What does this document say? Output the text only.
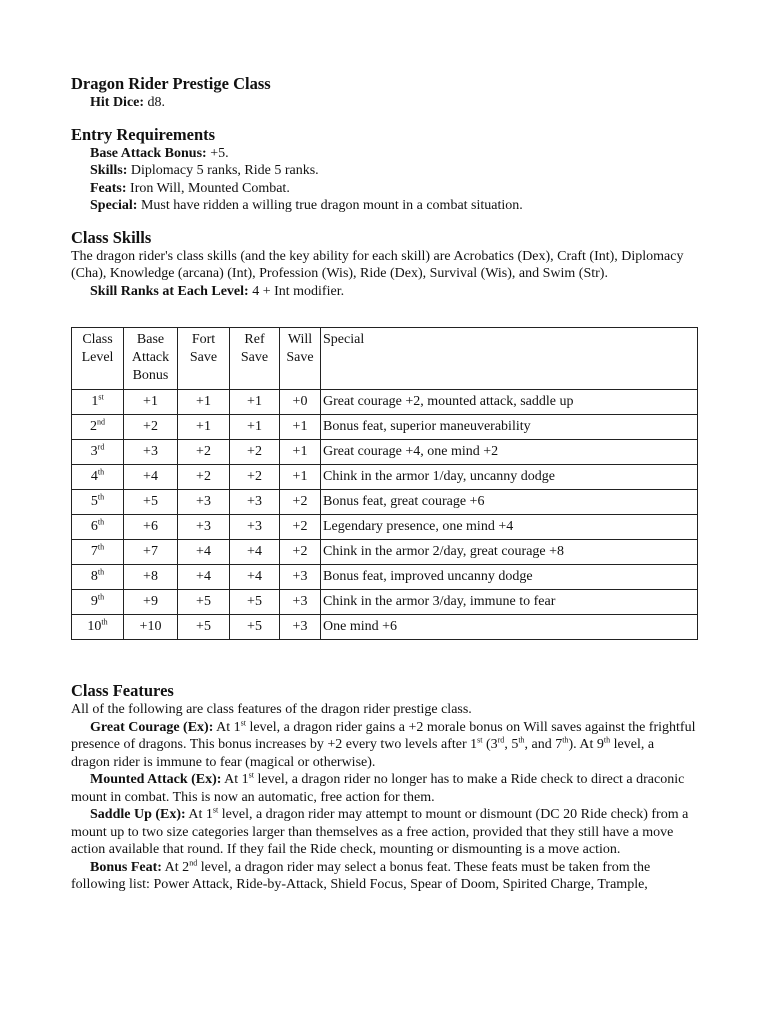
Dragon Rider Prestige Class

Hit Dice: d8.

Entry Requirements

Base Attack Bonus: +5.

Skills: Diplomacy 5 ranks, Ride 5 ranks.

Feats: Iron Will, Mounted Combat.

Special: Must have ridden a willing true dragon mount in a combat situation.

Class Skills

The dragon rider's class skills (and the key ability for each skill) are Acrobatics (Dex), Craft (Int), Diplomacy (Cha), Knowledge (arcana) (Int), Profession (Wis), Ride (Dex), Survival (Wis), and Swim (Str).

Skill Ranks at Each Level: 4 + Int modifier.

Class Level	Base Attack Bonus	Fort Save	Ref Save	Will Save	Special
1st	+1	+1	+1	+0	Great courage +2, mounted attack, saddle up
2nd	+2	+1	+1	+1	Bonus feat, superior maneuverability
3rd	+3	+2	+2	+1	Great courage +4, one mind +2
4th	+4	+2	+2	+1	Chink in the armor 1/day, uncanny dodge
5th	+5	+3	+3	+2	Bonus feat, great courage +6
6th	+6	+3	+3	+2	Legendary presence, one mind +4
7th	+7	+4	+4	+2	Chink in the armor 2/day, great courage +8
8th	+8	+4	+4	+3	Bonus feat, improved uncanny dodge
9th	+9	+5	+5	+3	Chink in the armor 3/day, immune to fear
10th	+10	+5	+5	+3	One mind +6
Class Features

All of the following are class features of the dragon rider prestige class.

Great Courage (Ex): At 1st level, a dragon rider gains a +2 morale bonus on Will saves against the frightful presence of dragons. This bonus increases by +2 every two levels after 1st (3rd, 5th, and 7th). At 9th level, a dragon rider is immune to fear (magical or otherwise).

Mounted Attack (Ex): At 1st level, a dragon rider no longer has to make a Ride check to direct a draconic mount in combat. This is now an automatic, free action for them.

Saddle Up (Ex): At 1st level, a dragon rider may attempt to mount or dismount (DC 20 Ride check) from a mount up to two size categories larger than themselves as a free action, provided that they still have a move action available that round. If they fail the Ride check, mounting or dismounting is a move action.

Bonus Feat: At 2nd level, a dragon rider may select a bonus feat. These feats must be taken from the following list: Power Attack, Ride-by-Attack, Shield Focus, Spear of Doom, Spirited Charge, Trample,
